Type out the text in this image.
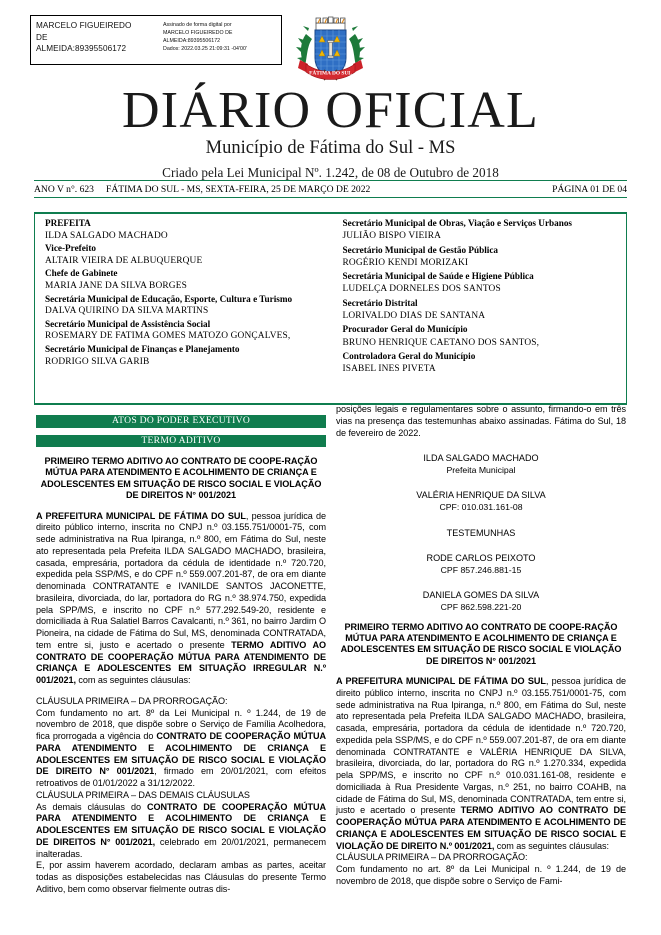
MARCELO FIGUEIREDO
DE
ALMEIDA:89395506172
Assinado de forma digital por
MARCELO FIGUEIREDO DE
ALMEIDA:89395506172
Dados: 2022.03.25 21:09:31 -04'00'
FÁTIMA DO SUL
DIÁRIO OFICIAL
Município de Fátima do Sul - MS
Criado pela Lei Municipal Nº. 1.242, de 08 de Outubro de 2018
ANO V n°. 623	FÁTIMA DO SUL - MS, SEXTA-FEIRA, 25 DE MARÇO DE 2022	PÁGINA 01 DE 04
PREFEITA
ILDA SALGADO MACHADO
Vice-Prefeito
ALTAIR VIEIRA DE ALBUQUERQUE
Chefe de Gabinete
MARIA JANE DA SILVA BORGES
Secretária Municipal de Educação, Esporte, Cultura e Turismo
DALVA QUIRINO DA SILVA MARTINS
Secretário Municipal de Assistência Social
ROSEMARY DE FATIMA GOMES MATOZO GONÇALVES,
Secretário Municipal de Finanças e Planejamento
RODRIGO SILVA GARIB
Secretário Municipal de Obras, Viação e Serviços Urbanos
JULIÃO BISPO VIEIRA
Secretário Municipal de Gestão Pública
ROGÉRIO KENDI MORIZAKI
Secretária Municipal de Saúde e Higiene Pública
LUDELÇA DORNELES DOS SANTOS
Secretário Distrital
LORIVALDO DIAS DE SANTANA
Procurador Geral do Município
BRUNO HENRIQUE CAETANO DOS SANTOS,
Controladora Geral do Município
ISABEL INES PIVETA
ATOS DO PODER EXECUTIVO
TERMO ADITIVO
PRIMEIRO TERMO ADITIVO AO CONTRATO DE COOPE-RAÇÃO MÚTUA PARA ATENDIMENTO E ACOLHIMENTO DE CRIANÇA E ADOLESCENTES EM SITUAÇÃO DE RISCO SOCIAL E VIOLAÇÃO DE DIREITOS N° 001/2021
A PREFEITURA MUNICIPAL DE FÁTIMA DO SUL, pessoa jurídica de direito público interno, inscrita no CNPJ n.º 03.155.751/0001-75, com sede administrativa na Rua Ipiranga, n.º 800, em Fátima do Sul, neste ato representada pela Prefeita ILDA SALGADO MACHADO, brasileira, casada, empresária, portadora da cédula de identidade n.º 720.720, expedida pela SSP/MS, e do CPF n.º 559.007.201-87, de ora em diante denominada CONTRATANTE e IVANILDE SANTOS JACONETTE, brasileira, divorciada, do lar, portadora do RG n.º 38.974.750, expedida pela SPP/MS, e inscrito no CPF n.º 577.292.549-20, residente e domiciliada à Rua Salatiel Barros Cavalcanti, n.º 361, no bairro Jardim O Pioneira, na cidade de Fátima do Sul, MS, denominada CONTRATADA, tem entre si, justo e acertado o presente TERMO ADITIVO AO CONTRATO DE COOPERAÇÃO MÚTUA PARA ATENDIMENTO DE CRIANÇA E ADOLESCENTES EM SITUAÇÃO IRREGULAR N.º 001/2021, com as seguintes cláusulas:
CLÁUSULA PRIMEIRA – DA PRORROGAÇÃO:
Com fundamento no art. 8º da Lei Municipal n. º 1.244, de 19 de novembro de 2018, que dispõe sobre o Serviço de Família Acolhedora, fica prorrogada a vigência do CONTRATO DE COOPERAÇÃO MÚTUA PARA ATENDIMENTO E ACOLHIMENTO DE CRIANÇA E ADOLESCENTES EM SITUAÇÃO DE RISCO SOCIAL E VIOLAÇÃO DE DIREITO N° 001/2021, firmado em 20/01/2021, com efeitos retroativos de 01/01/2022 a 31/12/2022.
CLÁUSULA PRIMEIRA – DAS DEMAIS CLÁUSULAS
As demais cláusulas do CONTRATO DE COOPERAÇÃO MÚTUA PARA ATENDIMENTO E ACOLHIMENTO DE CRIANÇA E ADOLESCENTES EM SITUAÇÃO DE RISCO SOCIAL E VIOLAÇÃO DE DIREITOS N° 001/2021, celebrado em 20/01/2021, permanecem inalteradas.
E, por assim haverem acordado, declaram ambas as partes, aceitar todas as disposições estabelecidas nas Cláusulas do presente Termo Aditivo, bem como observar fielmente outras dis-
posições legais e regulamentares sobre o assunto, firmando-o em três vias na presença das testemunhas abaixo assinadas. Fátima do Sul, 18 de fevereiro de 2022.
ILDA SALGADO MACHADO
Prefeita Municipal
VALÉRIA HENRIQUE DA SILVA
CPF: 010.031.161-08
TESTEMUNHAS
RODE CARLOS PEIXOTO
CPF 857.246.881-15
DANIELA GOMES DA SILVA
CPF 862.598.221-20
PRIMEIRO TERMO ADITIVO AO CONTRATO DE COOPE-RAÇÃO MÚTUA PARA ATENDIMENTO E ACOLHIMENTO DE CRIANÇA E ADOLESCENTES EM SITUAÇÃO DE RISCO SOCIAL E VIOLAÇÃO DE DIREITOS N° 001/2021
A PREFEITURA MUNICIPAL DE FÁTIMA DO SUL, pessoa jurídica de direito público interno, inscrita no CNPJ n.º 03.155.751/0001-75, com sede administrativa na Rua Ipiranga, n.º 800, em Fátima do Sul, neste ato representada pela Prefeita ILDA SALGADO MACHADO, brasileira, casada, empresária, portadora da cédula de identidade n.º 720.720, expedida pela SSP/MS, e do CPF n.º 559.007.201-87, de ora em diante denominada CONTRATANTE e VALÉRIA HENRIQUE DA SILVA, brasileira, divorciada, do lar, portadora do RG n.º 1.270.334, expedida pela SPP/MS, e inscrito no CPF n.º 010.031.161-08, residente e domiciliada à Rua Presidente Vargas, n.º 251, no bairro COAHB, na cidade de Fátima do Sul, MS, denominada CONTRATADA, tem entre si, justo e acertado o presente TERMO ADITIVO AO CONTRATO DE COOPERAÇÃO MÚTUA PARA ATENDIMENTO E ACOLHIMENTO DE CRIANÇA E ADOLESCENTES EM SITUAÇÃO DE RISCO SOCIAL E VIOLAÇÃO DE DIREITO N.º 001/2021, com as seguintes cláusulas:
CLÁUSULA PRIMEIRA – DA PRORROGAÇÃO:
Com fundamento no art. 8º da Lei Municipal n. º 1.244, de 19 de novembro de 2018, que dispõe sobre o Serviço de Fami-
